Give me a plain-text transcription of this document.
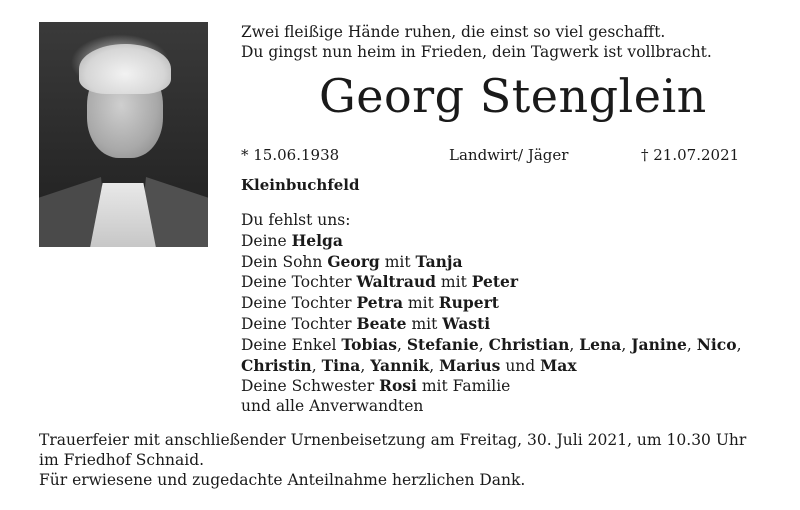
Zwei fleißige Hände ruhen, die einst so viel geschafft.
Du gingst nun heim in Frieden, dein Tagwerk ist vollbracht.
Georg Stenglein
* 15.06.1938	Landwirt/ Jäger	† 21.07.2021
Kleinbuchfeld
Du fehlst uns:
Deine Helga
Dein Sohn Georg mit Tanja
Deine Tochter Waltraud mit Peter
Deine Tochter Petra mit Rupert
Deine Tochter Beate mit Wasti
Deine Enkel Tobias, Stefanie, Christian, Lena, Janine, Nico,
Christin, Tina, Yannik, Marius und Max
Deine Schwester Rosi mit Familie
und alle Anverwandten
Trauerfeier mit anschließender Urnenbeisetzung am Freitag, 30. Juli 2021, um 10.30 Uhr
im Friedhof Schnaid.
Für erwiesene und zugedachte Anteilnahme herzlichen Dank.
